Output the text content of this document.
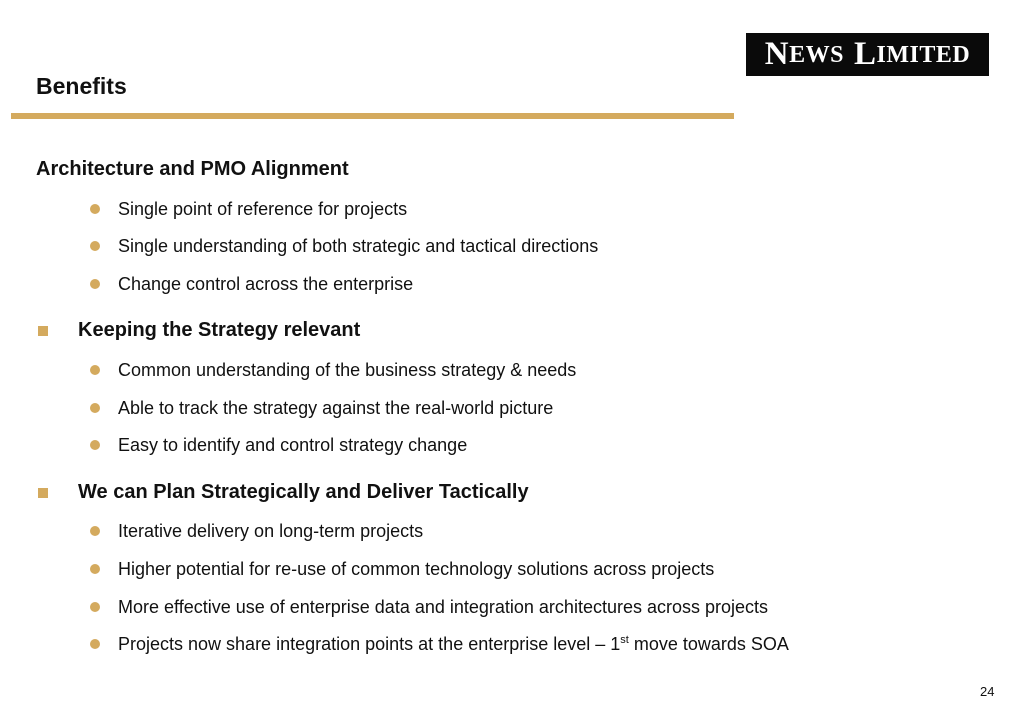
Benefits
N EWS L IMITED
Architecture and PMO Alignment
Single point of reference for projects
Single understanding of both strategic and tactical directions
Change control across the enterprise
Keeping the Strategy relevant
Common understanding of the business strategy & needs
Able to track the strategy against the real-world picture
Easy to identify and control strategy change
We can Plan Strategically and Deliver Tactically
Iterative delivery on long-term projects
Higher potential for re-use of common technology solutions across projects
More effective use of enterprise data and integration architectures across projects
Projects now share integration points at the enterprise level – 1st move towards SOA
24
